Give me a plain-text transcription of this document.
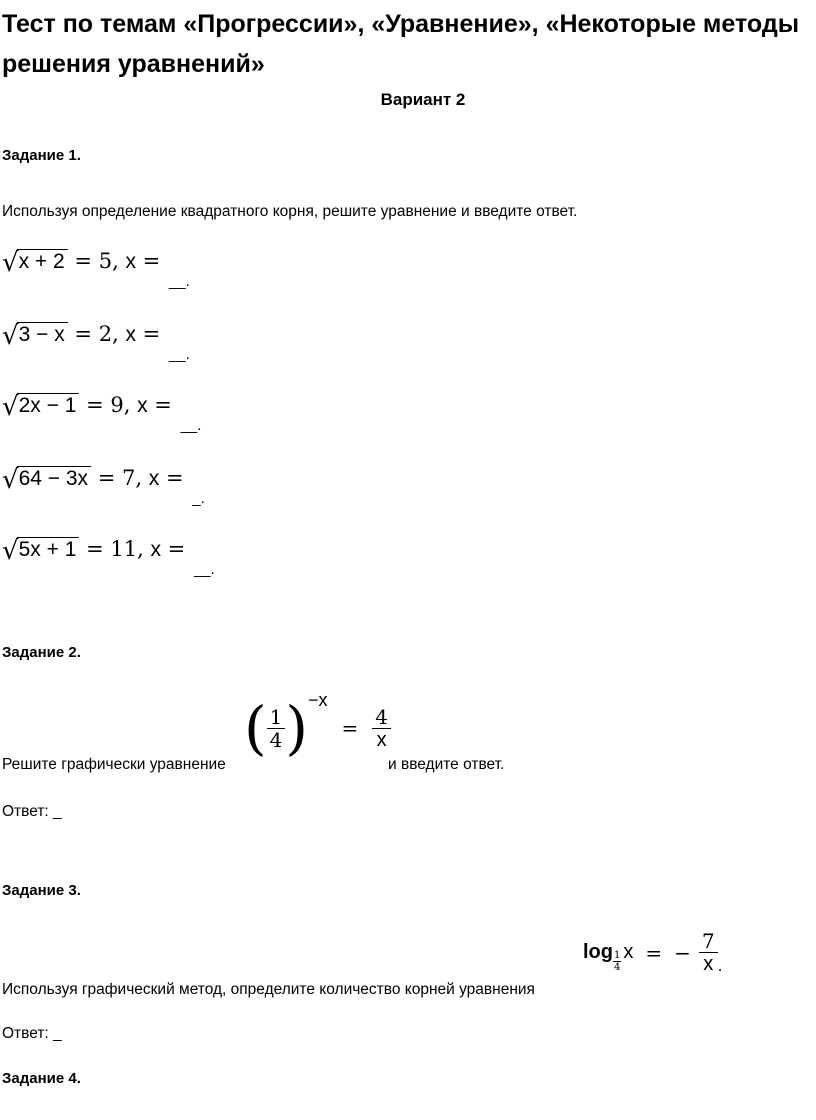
Тест по темам «Прогрессии», «Уравнение», «Некоторые методы решения уравнений»
Вариант 2
Задание 1.
Используя определение квадратного корня, решите уравнение и введите ответ.
√x + 2 = 5, x = __.
√3 − x = 2, x = __.
√2x − 1 = 9, x = __.
√64 − 3x = 7, x = _.
√5x + 1 = 11, x = __.
Задание 2.
Решите графически уравнение
( $\frac{1}{4}$ ) −x
= $\frac{4}{x}$
и введите ответ.
Ответ: _
Задание 3.
Используя графический метод, определите количество корней уравнения
$\log \frac{1}{4}$ x = − $\frac{7}{x}$ .
Ответ: _
Задание 4.
